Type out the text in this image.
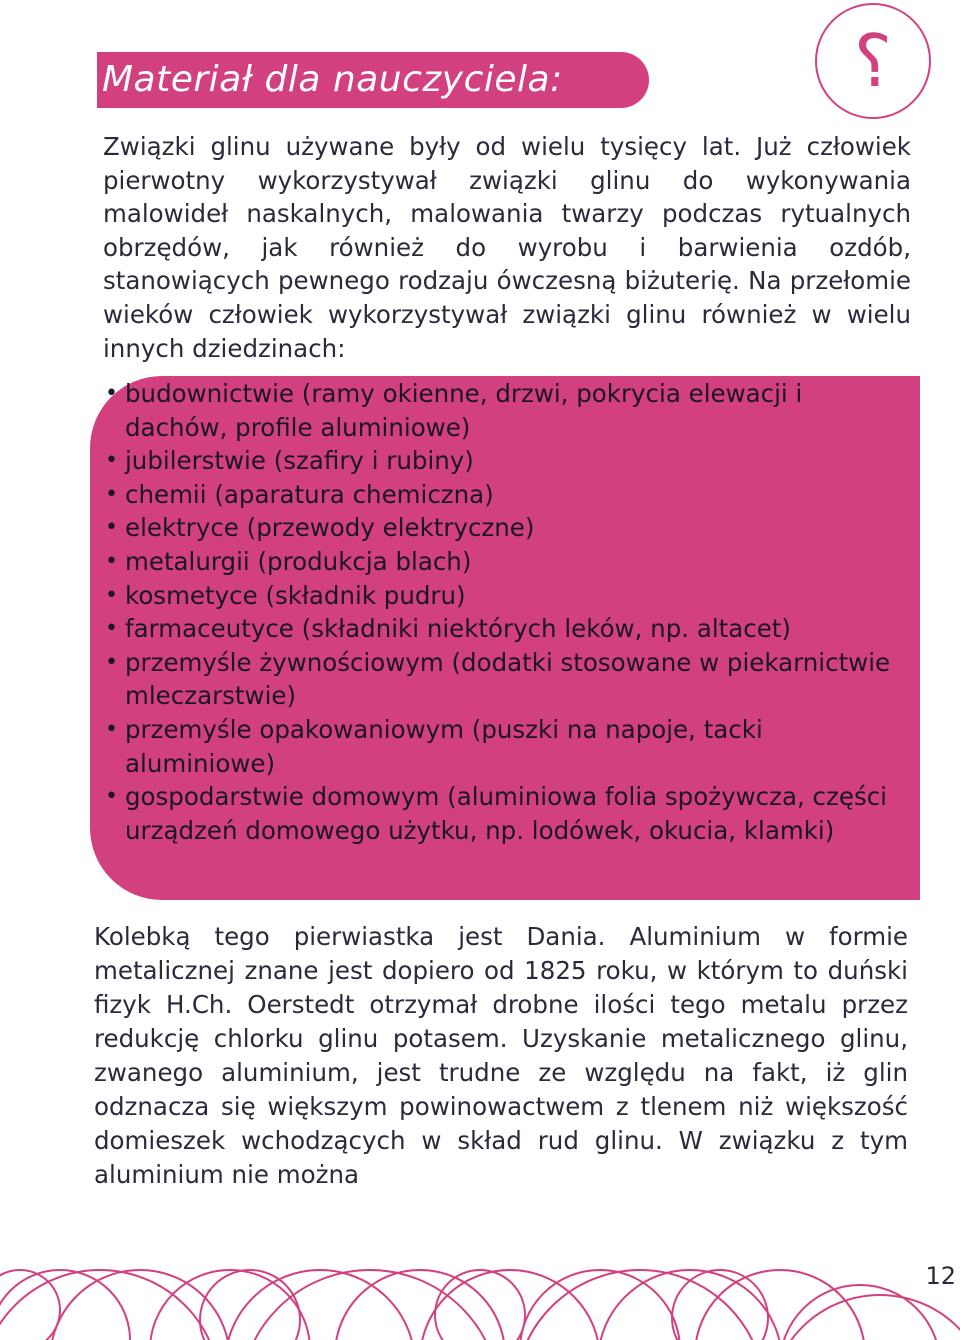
Materiał dla nauczyciela:	?

Związki glinu używane były od wielu tysięcy lat. Już człowiek pierwotny wykorzystywał związki glinu do wykonywania malowideł naskalnych, malowania twarzy podczas rytualnych obrzędów, jak również do wyrobu i barwienia ozdób, stanowiących pewnego rodzaju ówczesną biżuterię. Na przełomie wieków człowiek wykorzystywał związki glinu również w wielu innych dziedzinach:

• budownictwie (ramy okienne, drzwi, pokrycia elewacji i dachów, profile aluminiowe)
• jubilerstwie (szafiry i rubiny)
• chemii (aparatura chemiczna)
• elektryce (przewody elektryczne)
• metalurgii (produkcja blach)
• kosmetyce (składnik pudru)
• farmaceutyce (składniki niektórych leków, np. altacet)
• przemyśle żywnościowym (dodatki stosowane w piekarnictwie mleczarstwie)
• przemyśle opakowaniowym (puszki na napoje, tacki aluminiowe)
• gospodarstwie domowym (aluminiowa folia spożywcza, części urządzeń domowego użytku, np. lodówek, okucia, klamki)

Kolebką tego pierwiastka jest Dania. Aluminium w formie metalicznej znane jest dopiero od 1825 roku, w którym to duński fizyk H.Ch. Oerstedt otrzymał drobne ilości tego metalu przez redukcję chlorku glinu potasem. Uzyskanie metalicznego glinu, zwanego aluminium, jest trudne ze względu na fakt, iż glin odznacza się większym powinowactwem z tlenem niż większość domieszek wchodzących w skład rud glinu. W związku z tym aluminium nie można

12
